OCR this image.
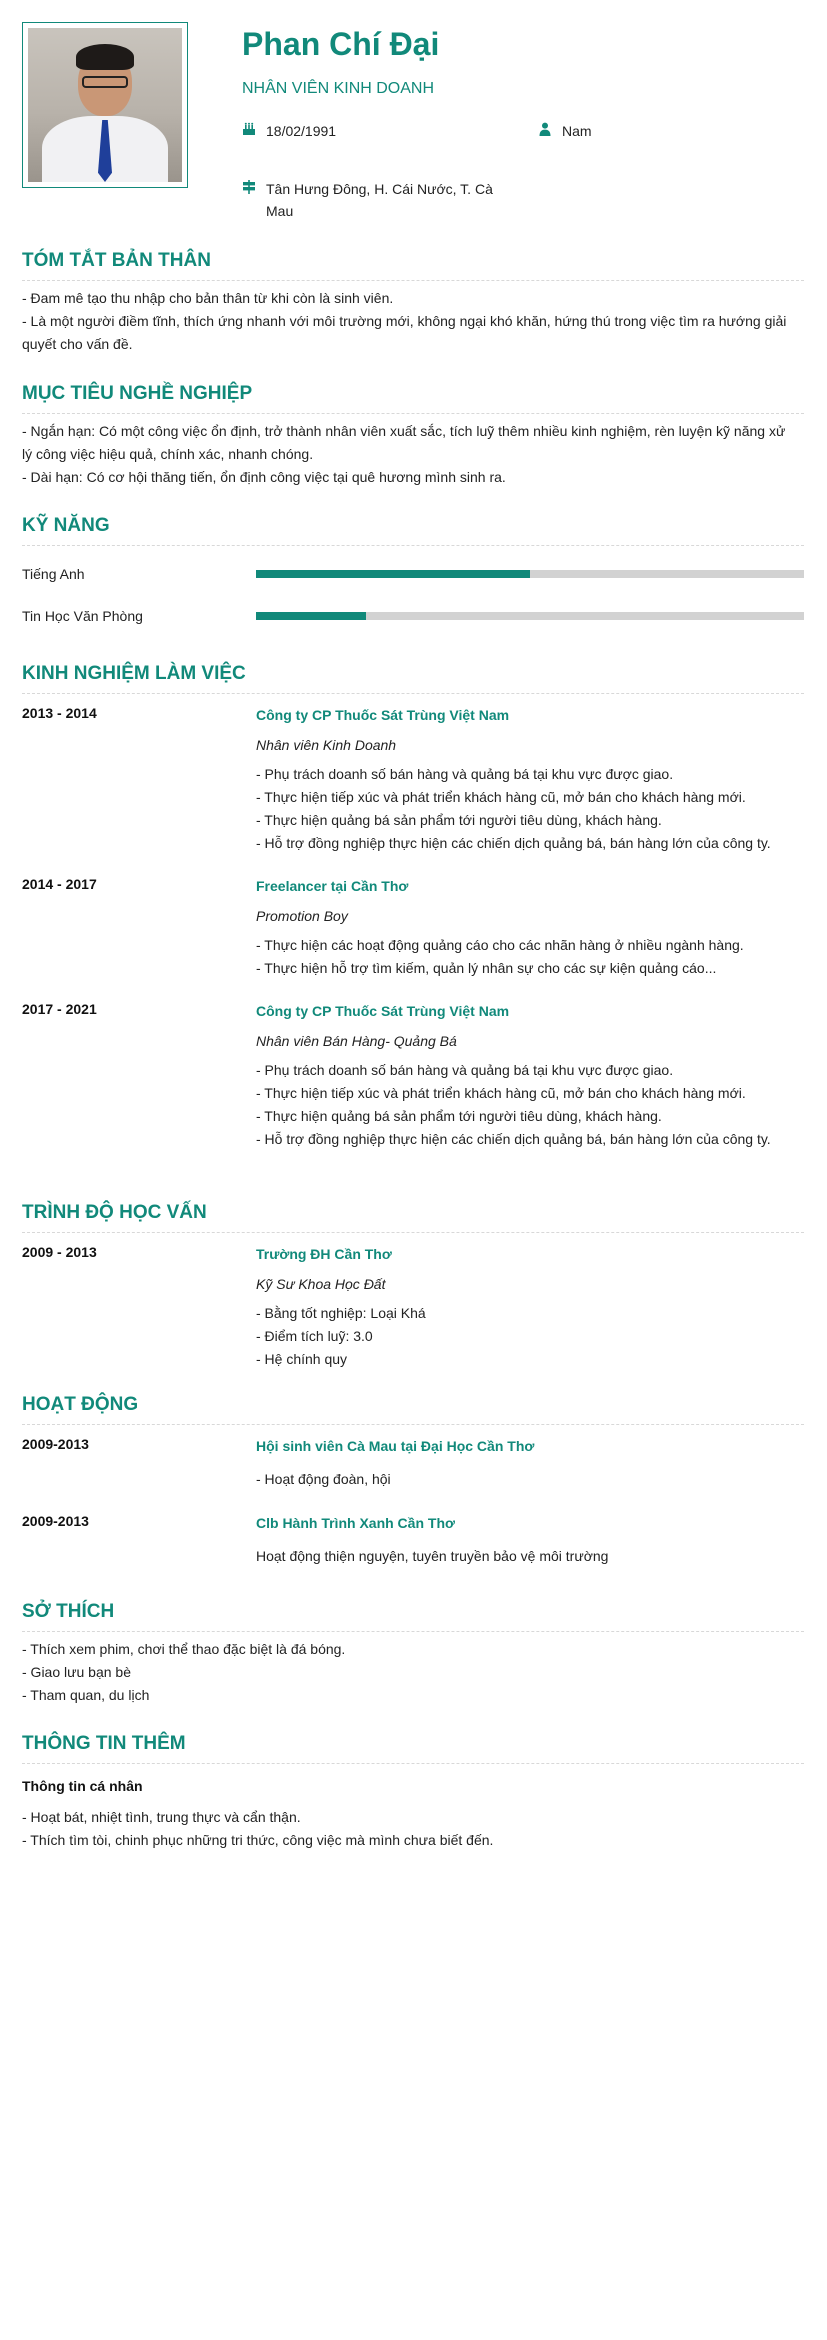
Phan Chí Đại
NHÂN VIÊN KINH DOANH
18/02/1991	Nam
Tân Hưng Đông, H. Cái Nước, T. Cà
Mau
TÓM TẮT BẢN THÂN
- Đam mê tạo thu nhập cho bản thân từ khi còn là sinh viên.
- Là một người điềm tĩnh, thích ứng nhanh với môi trường mới, không ngại khó khăn, hứng thú trong việc tìm ra hướng giải
quyết cho vấn đề.
MỤC TIÊU NGHỀ NGHIỆP
- Ngắn hạn: Có một công việc ổn định, trở thành nhân viên xuất sắc, tích luỹ thêm nhiều kinh nghiệm, rèn luyện kỹ năng xử
lý công việc hiệu quả, chính xác, nhanh chóng.
- Dài hạn: Có cơ hội thăng tiến, ổn định công việc tại quê hương mình sinh ra.
KỸ NĂNG
Tiếng Anh
Tin Học Văn Phòng
KINH NGHIỆM LÀM VIỆC
2013 - 2014	Công ty CP Thuốc Sát Trùng Việt Nam
Nhân viên Kinh Doanh
- Phụ trách doanh số bán hàng và quảng bá tại khu vực được giao.
- Thực hiện tiếp xúc và phát triển khách hàng cũ, mở bán cho khách hàng mới.
- Thực hiện quảng bá sản phẩm tới người tiêu dùng, khách hàng.
- Hỗ trợ đồng nghiệp thực hiện các chiến dịch quảng bá, bán hàng lớn của công ty.
2014 - 2017	Freelancer tại Cần Thơ
Promotion Boy
- Thực hiện các hoạt động quảng cáo cho các nhãn hàng ở nhiều ngành hàng.
- Thực hiện hỗ trợ tìm kiếm, quản lý nhân sự cho các sự kiện quảng cáo...
2017 - 2021	Công ty CP Thuốc Sát Trùng Việt Nam
Nhân viên Bán Hàng- Quảng Bá
- Phụ trách doanh số bán hàng và quảng bá tại khu vực được giao.
- Thực hiện tiếp xúc và phát triển khách hàng cũ, mở bán cho khách hàng mới.
- Thực hiện quảng bá sản phẩm tới người tiêu dùng, khách hàng.
- Hỗ trợ đồng nghiệp thực hiện các chiến dịch quảng bá, bán hàng lớn của công ty.
TRÌNH ĐỘ HỌC VẤN
2009 - 2013	Trường ĐH Cần Thơ
Kỹ Sư Khoa Học Đất
- Bằng tốt nghiệp: Loại Khá
- Điểm tích luỹ: 3.0
- Hệ chính quy
HOẠT ĐỘNG
2009-2013	Hội sinh viên Cà Mau tại Đại Học Cần Thơ
- Hoạt động đoàn, hội
2009-2013	Clb Hành Trình Xanh Cần Thơ
Hoạt động thiện nguyện, tuyên truyền bảo vệ môi trường
SỞ THÍCH
- Thích xem phim, chơi thể thao đặc biệt là đá bóng.
- Giao lưu bạn bè
- Tham quan, du lịch
THÔNG TIN THÊM
Thông tin cá nhân
- Hoạt bát, nhiệt tình, trung thực và cẩn thận.
- Thích tìm tòi, chinh phục những tri thức, công việc mà mình chưa biết đến.
